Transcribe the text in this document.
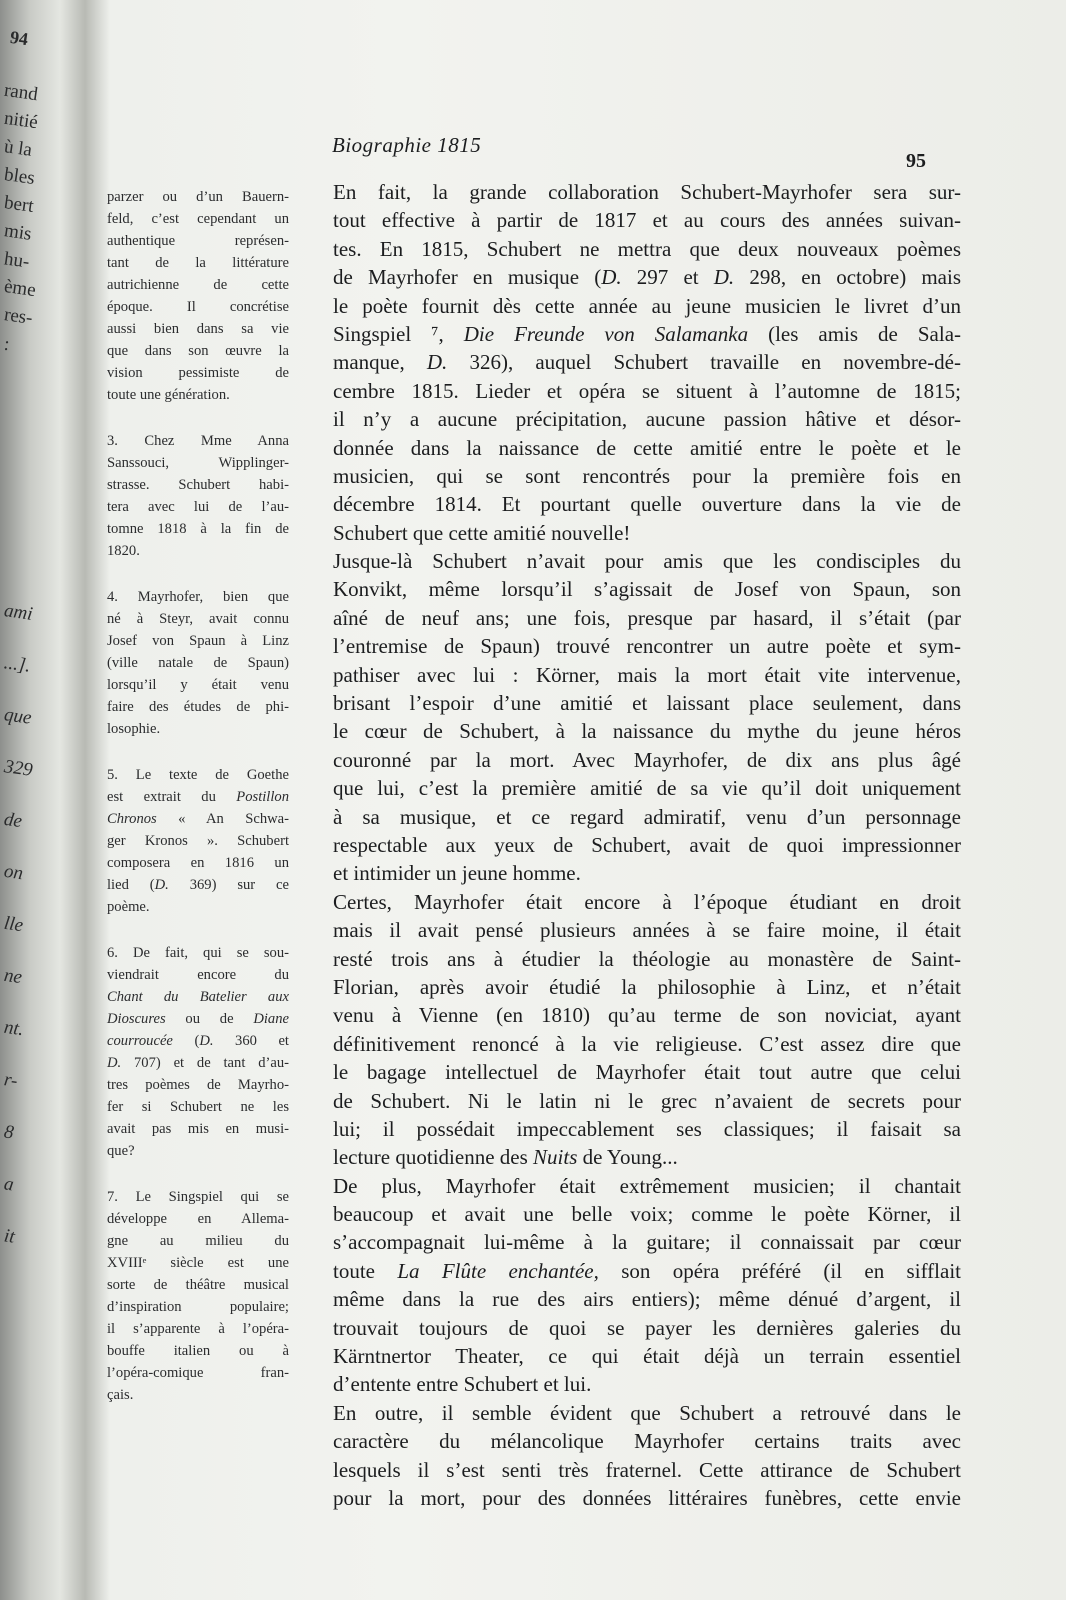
94
rand
nitié
ù la
bles
bert
mis
hu-
ème
res-
:
ami
...].
que
329
de
on
lle
ne
nt.
r-
8
a
it
Biographie 1815
95
parzer ou d’un Bauern-
feld, c’est cependant un
authentique représen-
tant de la littérature
autrichienne de cette
époque. Il concrétise
aussi bien dans sa vie
que dans son œuvre la
vision pessimiste de
toute une génération.
3. Chez Mme Anna
Sanssouci, Wipplinger-
strasse. Schubert habi-
tera avec lui de l’au-
tomne 1818 à la fin de
1820.
4. Mayrhofer, bien que
né à Steyr, avait connu
Josef von Spaun à Linz
(ville natale de Spaun)
lorsqu’il y était venu
faire des études de phi-
losophie.
5. Le texte de Goethe
est extrait du Postillon
Chronos « An Schwa-
ger Kronos ». Schubert
composera en 1816 un
lied (D. 369) sur ce
poème.
6. De fait, qui se sou-
viendrait encore du
Chant du Batelier aux
Dioscures ou de Diane
courroucée (D. 360 et
D. 707) et de tant d’au-
tres poèmes de Mayrho-
fer si Schubert ne les
avait pas mis en musi-
que?
7. Le Singspiel qui se
développe en Allema-
gne au milieu du
XVIIIᵉ siècle est une
sorte de théâtre musical
d’inspiration populaire;
il s’apparente à l’opéra-
bouffe italien ou à
l’opéra-comique fran-
çais.
En fait, la grande collaboration Schubert-Mayrhofer sera sur-
tout effective à partir de 1817 et au cours des années suivan-
tes. En 1815, Schubert ne mettra que deux nouveaux poèmes
de Mayrhofer en musique (D. 297 et D. 298, en octobre) mais
le poète fournit dès cette année au jeune musicien le livret d’un
Singspiel ⁷, Die Freunde von Salamanka (les amis de Sala-
manque, D. 326), auquel Schubert travaille en novembre-dé-
cembre 1815. Lieder et opéra se situent à l’automne de 1815;
il n’y a aucune précipitation, aucune passion hâtive et désor-
donnée dans la naissance de cette amitié entre le poète et le
musicien, qui se sont rencontrés pour la première fois en
décembre 1814. Et pourtant quelle ouverture dans la vie de
Schubert que cette amitié nouvelle!
Jusque-là Schubert n’avait pour amis que les condisciples du
Konvikt, même lorsqu’il s’agissait de Josef von Spaun, son
aîné de neuf ans; une fois, presque par hasard, il s’était (par
l’entremise de Spaun) trouvé rencontrer un autre poète et sym-
pathiser avec lui : Körner, mais la mort était vite intervenue,
brisant l’espoir d’une amitié et laissant place seulement, dans
le cœur de Schubert, à la naissance du mythe du jeune héros
couronné par la mort. Avec Mayrhofer, de dix ans plus âgé
que lui, c’est la première amitié de sa vie qu’il doit uniquement
à sa musique, et ce regard admiratif, venu d’un personnage
respectable aux yeux de Schubert, avait de quoi impressionner
et intimider un jeune homme.
Certes, Mayrhofer était encore à l’époque étudiant en droit
mais il avait pensé plusieurs années à se faire moine, il était
resté trois ans à étudier la théologie au monastère de Saint-
Florian, après avoir étudié la philosophie à Linz, et n’était
venu à Vienne (en 1810) qu’au terme de son noviciat, ayant
définitivement renoncé à la vie religieuse. C’est assez dire que
le bagage intellectuel de Mayrhofer était tout autre que celui
de Schubert. Ni le latin ni le grec n’avaient de secrets pour
lui; il possédait impeccablement ses classiques; il faisait sa
lecture quotidienne des Nuits de Young...
De plus, Mayrhofer était extrêmement musicien; il chantait
beaucoup et avait une belle voix; comme le poète Körner, il
s’accompagnait lui-même à la guitare; il connaissait par cœur
toute La Flûte enchantée, son opéra préféré (il en sifflait
même dans la rue des airs entiers); même dénué d’argent, il
trouvait toujours de quoi se payer les dernières galeries du
Kärntnertor Theater, ce qui était déjà un terrain essentiel
d’entente entre Schubert et lui.
En outre, il semble évident que Schubert a retrouvé dans le
caractère du mélancolique Mayrhofer certains traits avec
lesquels il s’est senti très fraternel. Cette attirance de Schubert
pour la mort, pour des données littéraires funèbres, cette envie
